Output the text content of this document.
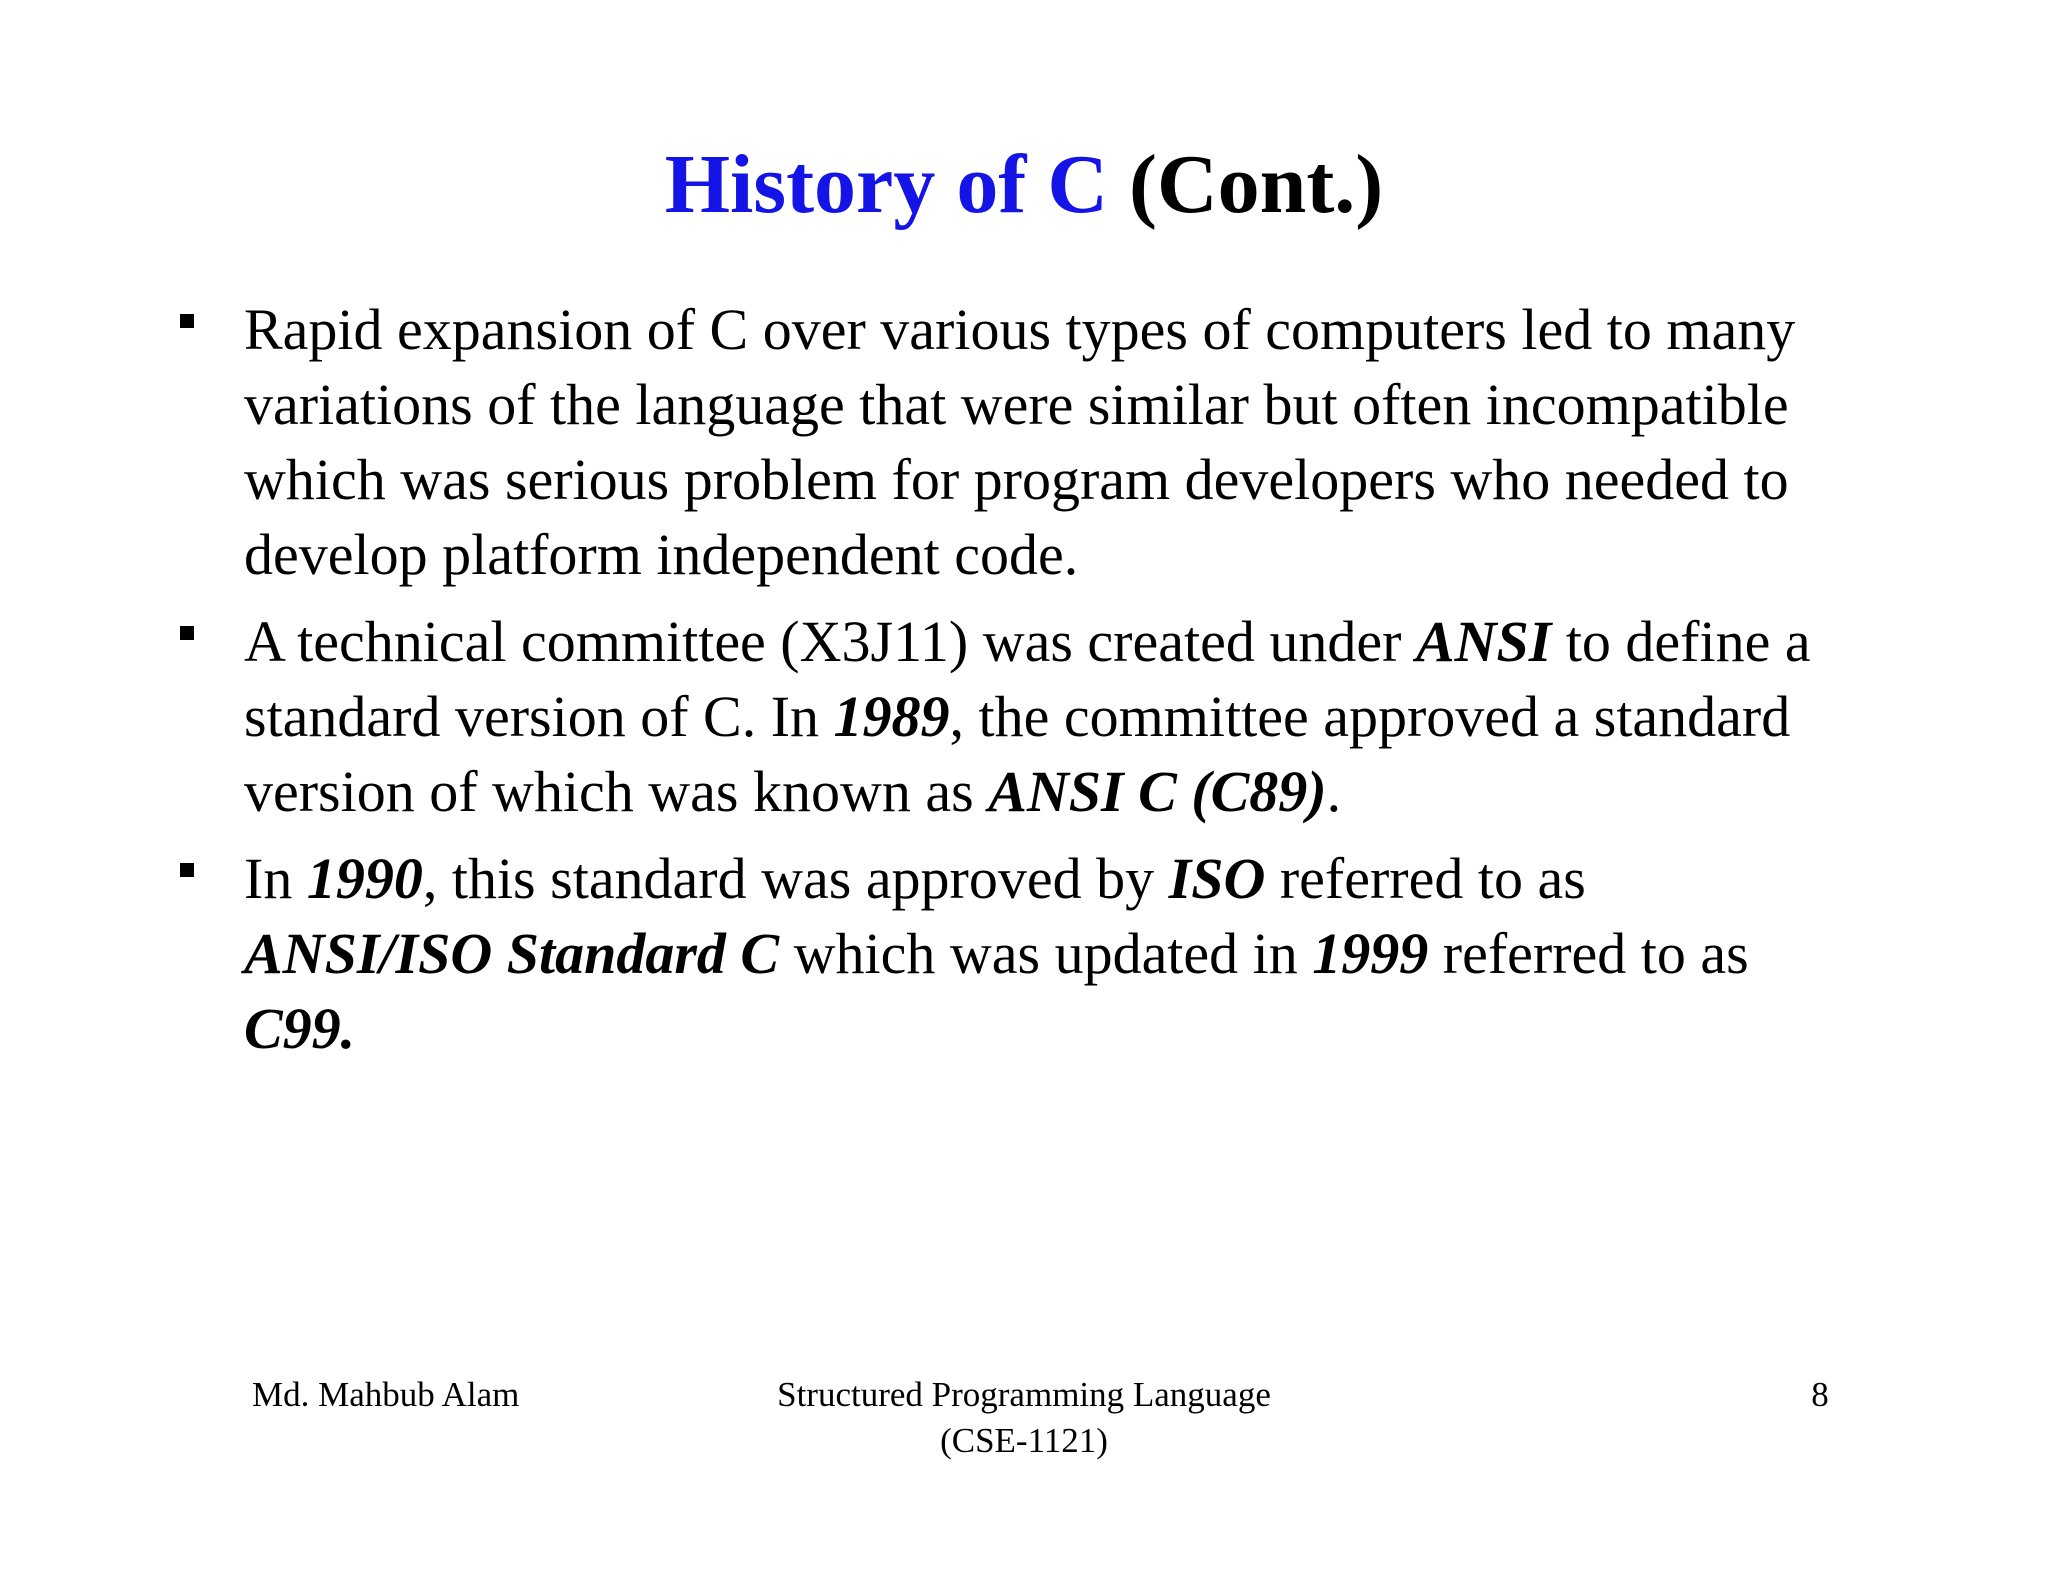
History of C (Cont.)
Rapid expansion of C over various types of computers led to many
variations of the language that were similar but often incompatible
which was serious problem for program developers who needed to
develop platform independent code.
A technical committee (X3J11) was created under ANSI to define a
standard version of C. In 1989, the committee approved a standard
version of which was known as ANSI C (C89).
In 1990, this standard was approved by ISO referred to as
ANSI/ISO Standard C which was updated in 1999 referred to as
C99.
Md. Mahbub Alam	Structured Programming Language
(CSE-1121)
8
